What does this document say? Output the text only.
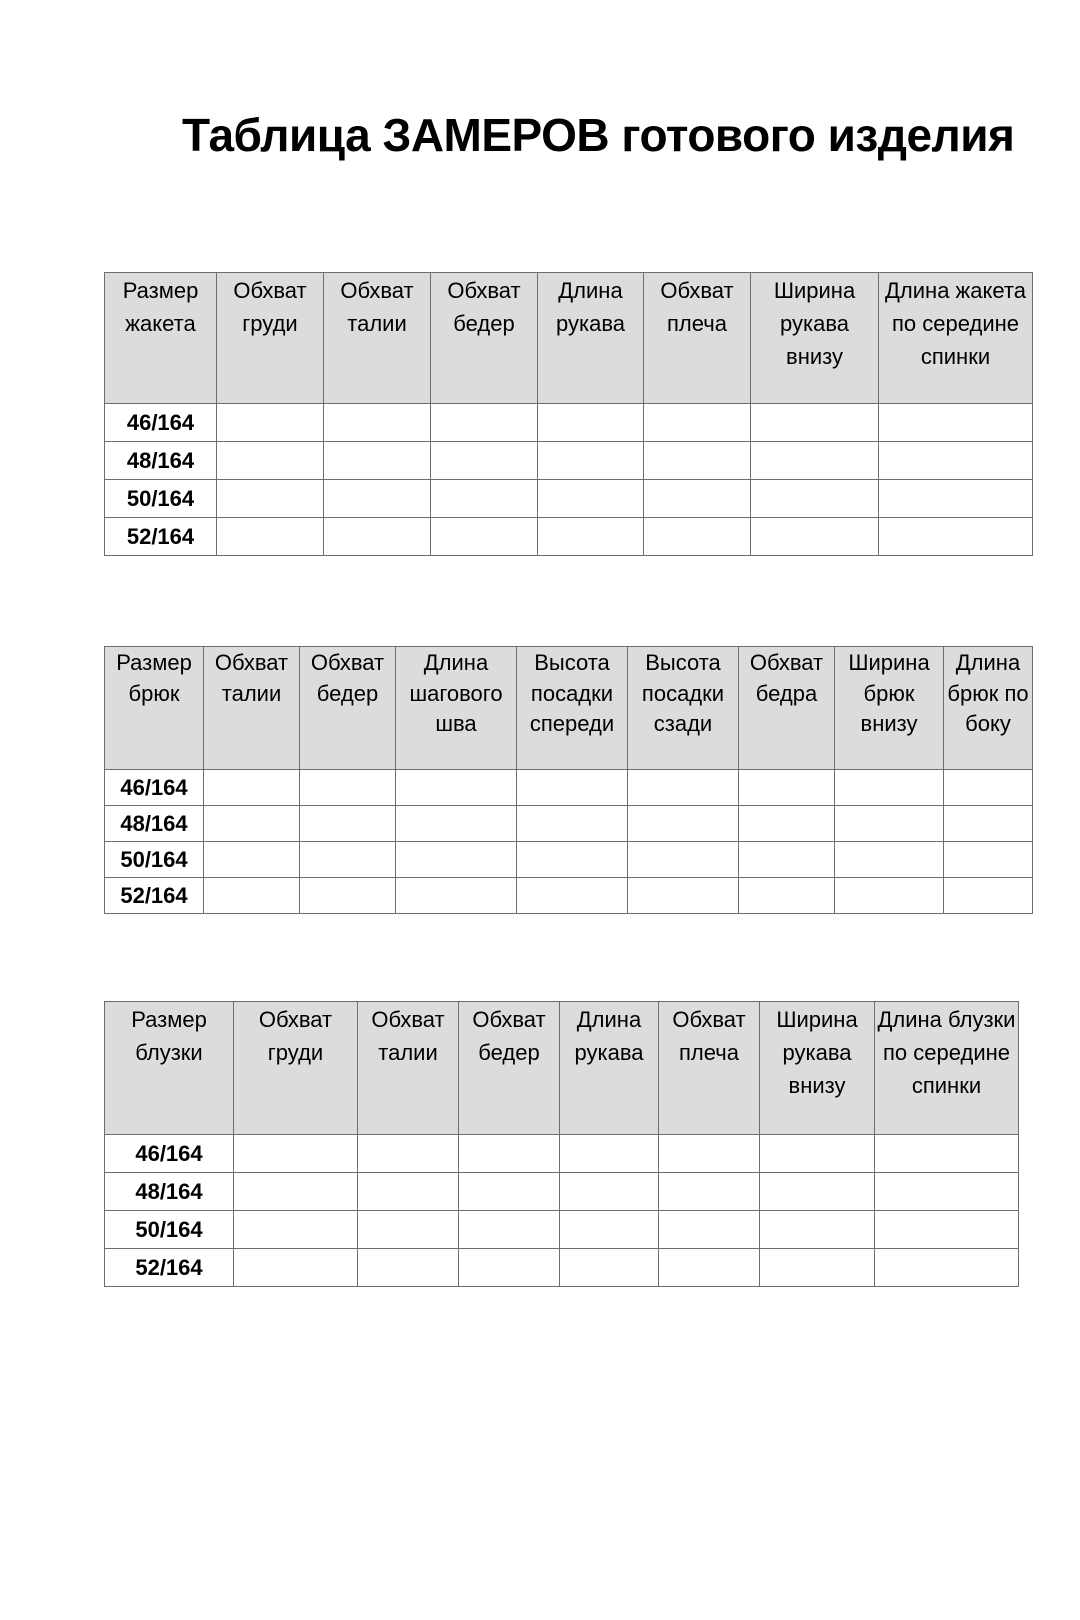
Таблица ЗАМЕРОВ готового изделия
Размер жакета	Обхват груди	Обхват талии	Обхват бедер	Длина рукава	Обхват плеча	Ширина рукава внизу	Длина жакета по середине спинки
46/164							
48/164							
50/164							
52/164							
Размер брюк	Обхват талии	Обхват бедер	Длина шагового шва	Высота посадки спереди	Высота посадки сзади	Обхват бедра	Ширина брюк внизу	Длина брюк по боку
46/164								
48/164								
50/164								
52/164								
Размер блузки	Обхват груди	Обхват талии	Обхват бедер	Длина рукава	Обхват плеча	Ширина рукава внизу	Длина блузки по середине спинки
46/164							
48/164							
50/164							
52/164							
